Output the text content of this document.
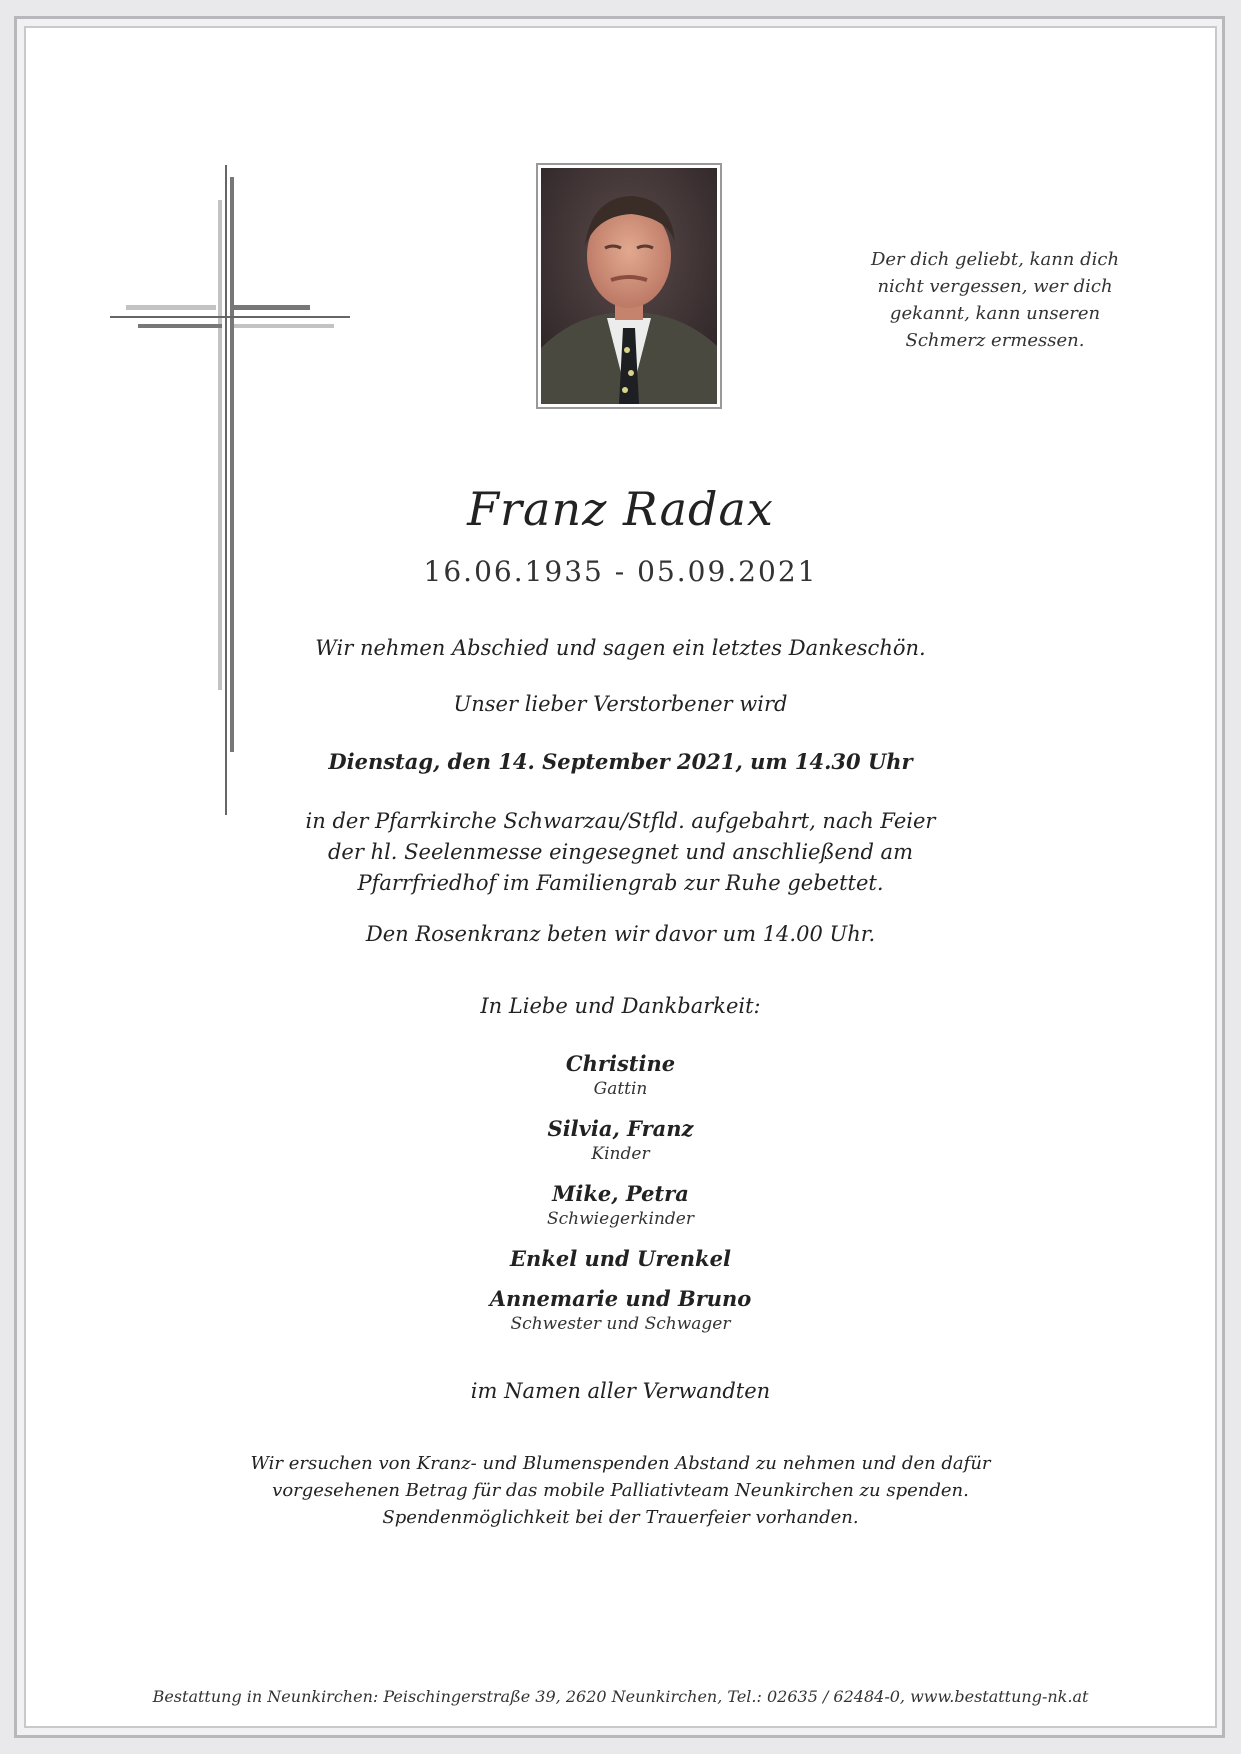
Der dich geliebt, kann dich
nicht vergessen, wer dich
gekannt, kann unseren
Schmerz ermessen.
Franz Radax
16.06.1935 - 05.09.2021
Wir nehmen Abschied und sagen ein letztes Dankeschön.
Unser lieber Verstorbener wird
Dienstag, den 14. September 2021, um 14.30 Uhr
in der Pfarrkirche Schwarzau/Stfld. aufgebahrt, nach Feier
der hl. Seelenmesse eingesegnet und anschließend am
Pfarrfriedhof im Familiengrab zur Ruhe gebettet.
Den Rosenkranz beten wir davor um 14.00 Uhr.
In Liebe und Dankbarkeit:
Christine
Gattin
Silvia, Franz
Kinder
Mike, Petra
Schwiegerkinder
Enkel und Urenkel
Annemarie und Bruno
Schwester und Schwager
im Namen aller Verwandten
Wir ersuchen von Kranz- und Blumenspenden Abstand zu nehmen und den dafür
vorgesehenen Betrag für das mobile Palliativteam Neunkirchen zu spenden.
Spendenmöglichkeit bei der Trauerfeier vorhanden.
Bestattung in Neunkirchen: Peischingerstraße 39, 2620 Neunkirchen, Tel.: 02635 / 62484-0, www.bestattung-nk.at
